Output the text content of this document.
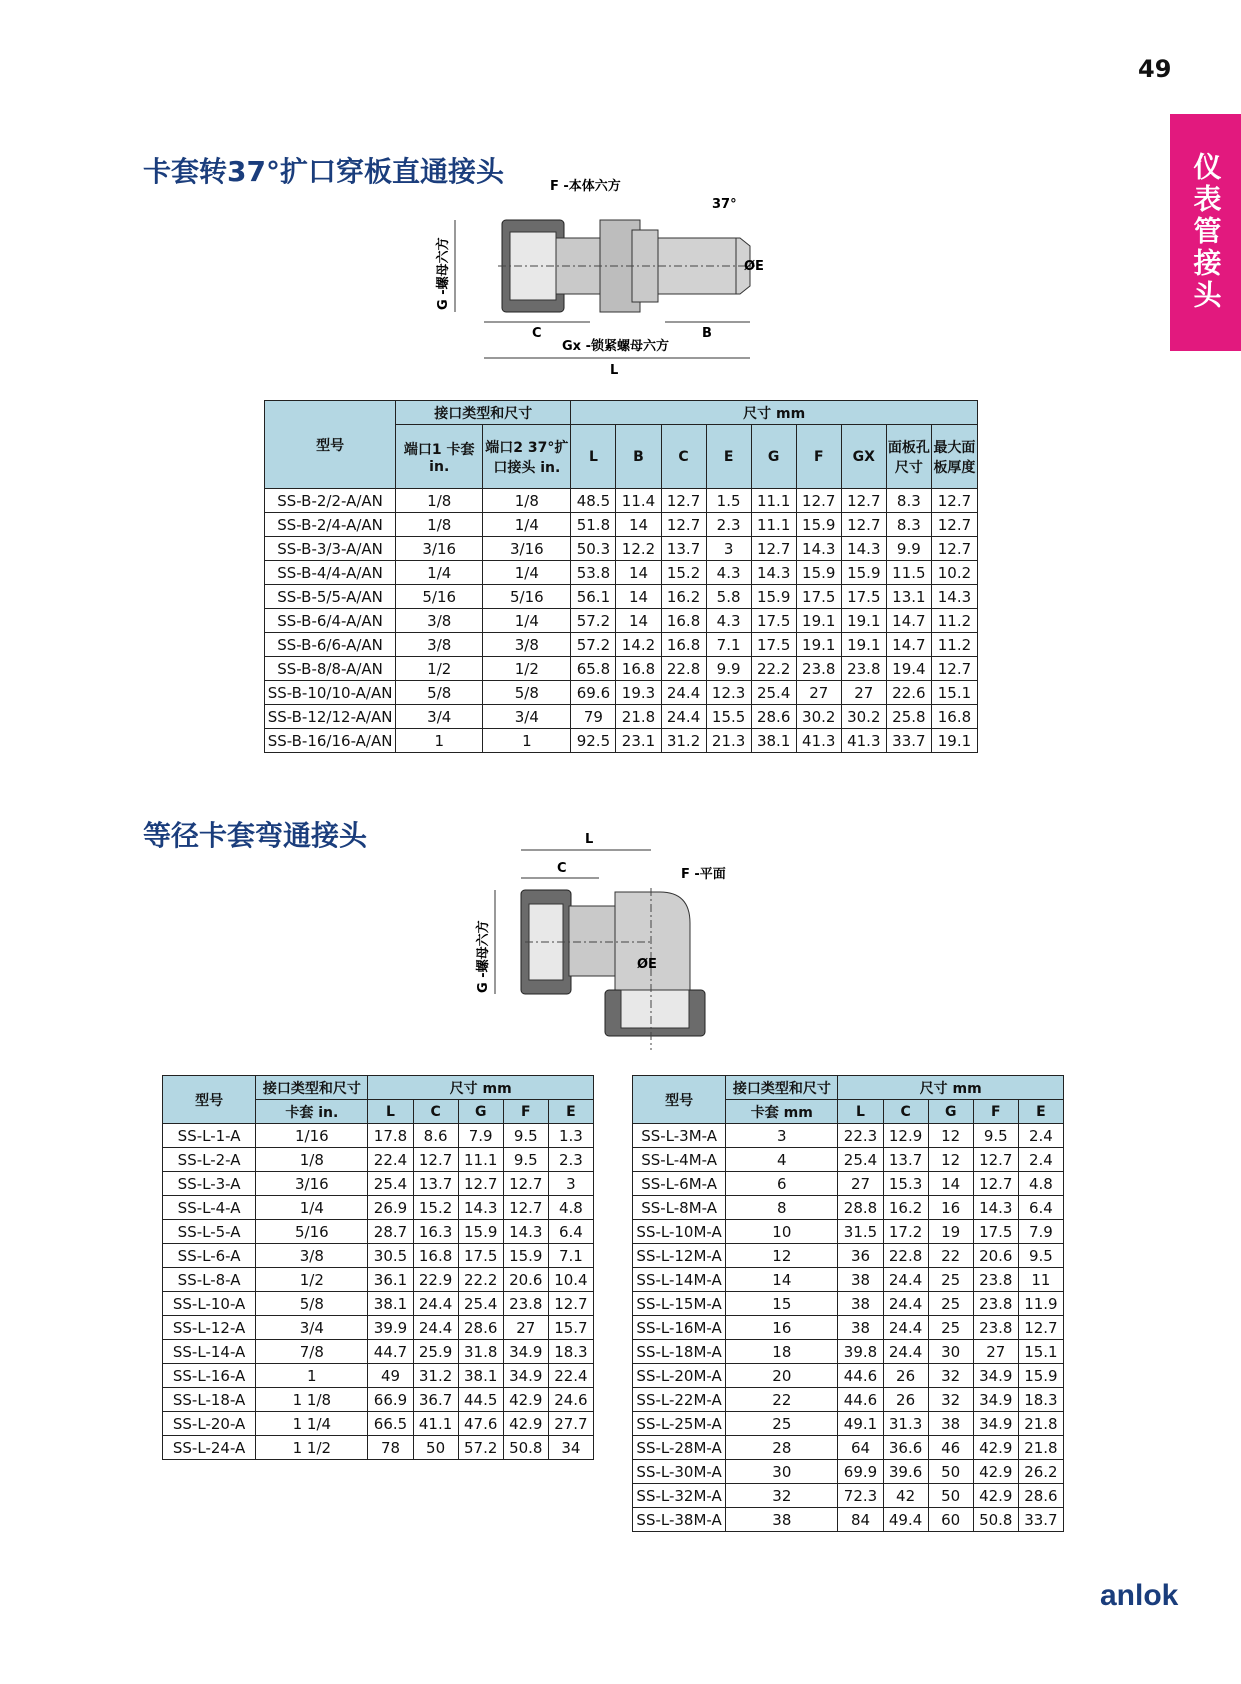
49
仪表管接头
卡套转37°扩口穿板直通接头	F -本体六方
37°
ØE
G -螺母六方
C	B
Gx -锁紧螺母六方
L
型号	接口类型和尺寸		尺寸 mm								
	端口1 卡套 in.	端口2 37°扩口接头 in.	L	B	C	E	G	F	GX	面板孔尺寸	最大面板厚度
SS-B-2/2-A/AN	1/8	1/8	48.5	11.4	12.7	1.5	11.1	12.7	12.7	8.3	12.7
SS-B-2/4-A/AN	1/8	1/4	51.8	14	12.7	2.3	11.1	15.9	12.7	8.3	12.7
SS-B-3/3-A/AN	3/16	3/16	50.3	12.2	13.7	3	12.7	14.3	14.3	9.9	12.7
SS-B-4/4-A/AN	1/4	1/4	53.8	14	15.2	4.3	14.3	15.9	15.9	11.5	10.2
SS-B-5/5-A/AN	5/16	5/16	56.1	14	16.2	5.8	15.9	17.5	17.5	13.1	14.3
SS-B-6/4-A/AN	3/8	1/4	57.2	14	16.8	4.3	17.5	19.1	19.1	14.7	11.2
SS-B-6/6-A/AN	3/8	3/8	57.2	14.2	16.8	7.1	17.5	19.1	19.1	14.7	11.2
SS-B-8/8-A/AN	1/2	1/2	65.8	16.8	22.8	9.9	22.2	23.8	23.8	19.4	12.7
SS-B-10/10-A/AN	5/8	5/8	69.6	19.3	24.4	12.3	25.4	27	27	22.6	15.1
SS-B-12/12-A/AN	3/4	3/4	79	21.8	24.4	15.5	28.6	30.2	30.2	25.8	16.8
SS-B-16/16-A/AN	1	1	92.5	23.1	31.2	21.3	38.1	41.3	41.3	33.7	19.1
等径卡套弯通接头	L
C	F -平面
G -螺母六方	ØE
型号	接口类型和尺寸	尺寸 mm				
	卡套 in.	L	C	G	F	E
SS-L-1-A	1/16	17.8	8.6	7.9	9.5	1.3
SS-L-2-A	1/8	22.4	12.7	11.1	9.5	2.3
SS-L-3-A	3/16	25.4	13.7	12.7	12.7	3
SS-L-4-A	1/4	26.9	15.2	14.3	12.7	4.8
SS-L-5-A	5/16	28.7	16.3	15.9	14.3	6.4
SS-L-6-A	3/8	30.5	16.8	17.5	15.9	7.1
SS-L-8-A	1/2	36.1	22.9	22.2	20.6	10.4
SS-L-10-A	5/8	38.1	24.4	25.4	23.8	12.7
SS-L-12-A	3/4	39.9	24.4	28.6	27	15.7
SS-L-14-A	7/8	44.7	25.9	31.8	34.9	18.3
SS-L-16-A	1	49	31.2	38.1	34.9	22.4
SS-L-18-A	1 1/8	66.9	36.7	44.5	42.9	24.6
SS-L-20-A	1 1/4	66.5	41.1	47.6	42.9	27.7
SS-L-24-A	1 1/2	78	50	57.2	50.8	34
型号	接口类型和尺寸	尺寸 mm				
	卡套 mm	L	C	G	F	E
SS-L-3M-A	3	22.3	12.9	12	9.5	2.4
SS-L-4M-A	4	25.4	13.7	12	12.7	2.4
SS-L-6M-A	6	27	15.3	14	12.7	4.8
SS-L-8M-A	8	28.8	16.2	16	14.3	6.4
SS-L-10M-A	10	31.5	17.2	19	17.5	7.9
SS-L-12M-A	12	36	22.8	22	20.6	9.5
SS-L-14M-A	14	38	24.4	25	23.8	11
SS-L-15M-A	15	38	24.4	25	23.8	11.9
SS-L-16M-A	16	38	24.4	25	23.8	12.7
SS-L-18M-A	18	39.8	24.4	30	27	15.1
SS-L-20M-A	20	44.6	26	32	34.9	15.9
SS-L-22M-A	22	44.6	26	32	34.9	18.3
SS-L-25M-A	25	49.1	31.3	38	34.9	21.8
SS-L-28M-A	28	64	36.6	46	42.9	21.8
SS-L-30M-A	30	69.9	39.6	50	42.9	26.2
SS-L-32M-A	32	72.3	42	50	42.9	28.6
SS-L-38M-A	38	84	49.4	60	50.8	33.7
anlok
